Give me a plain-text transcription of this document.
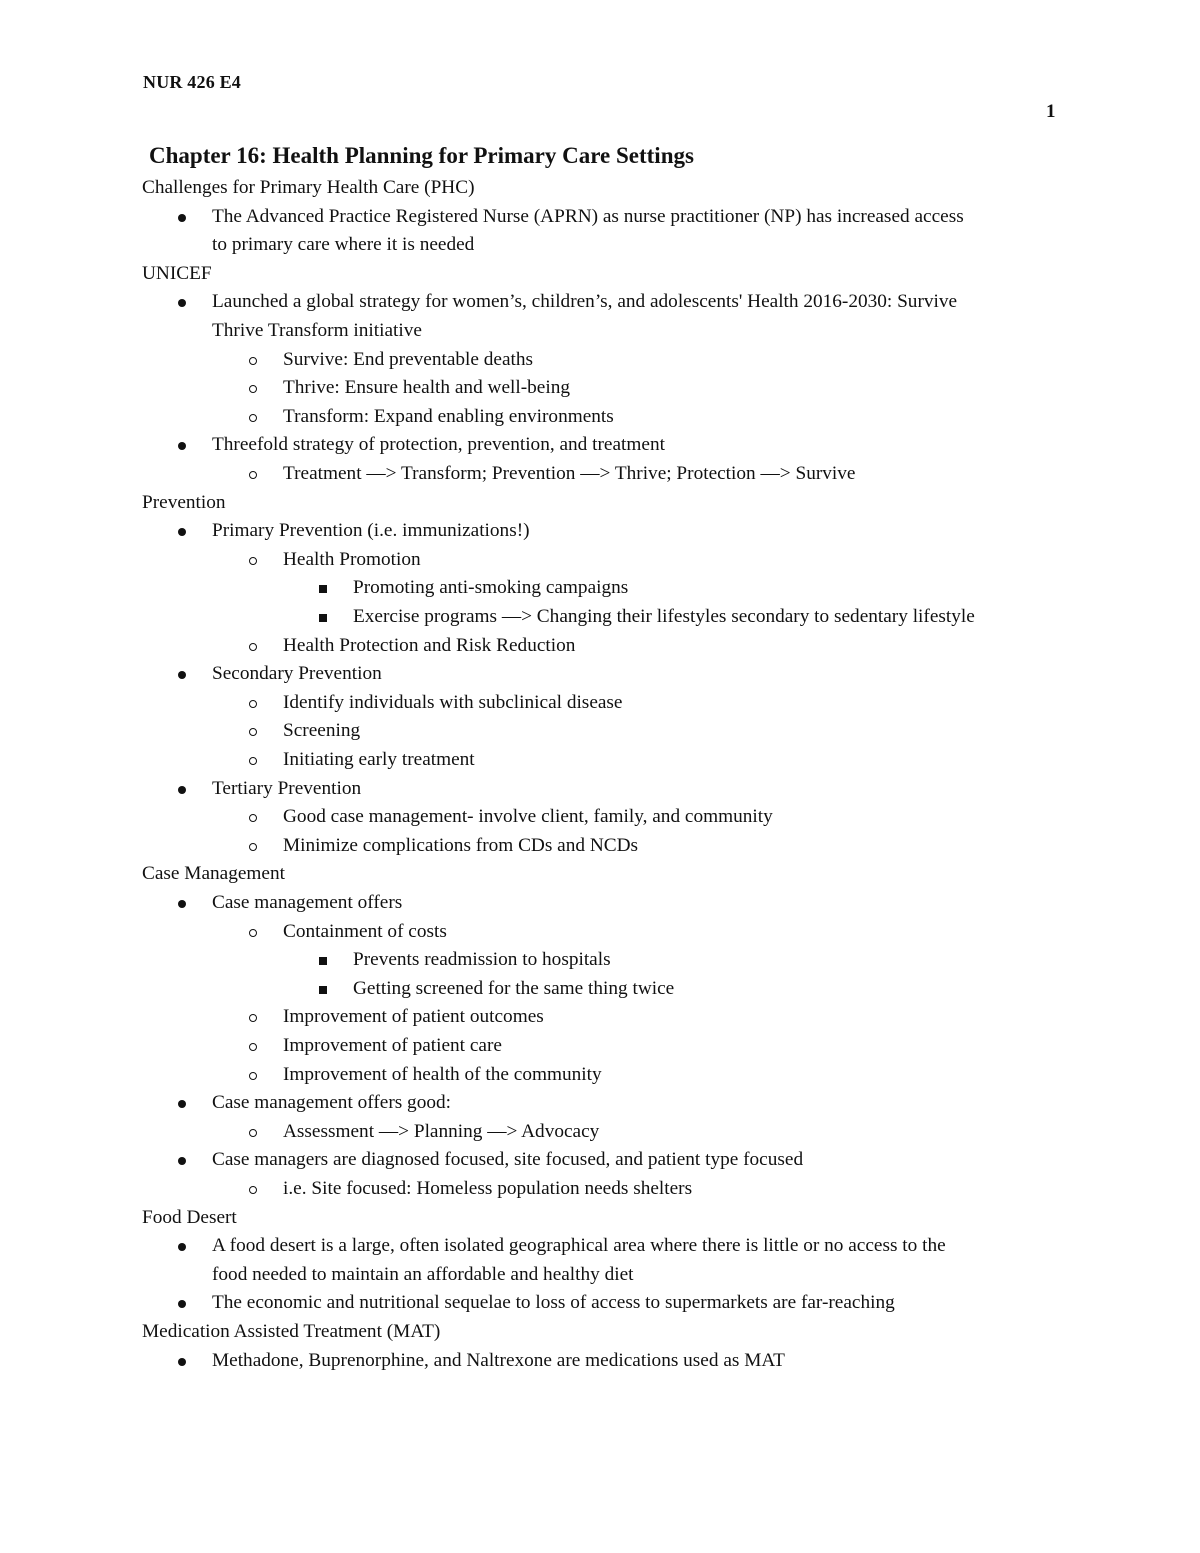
NUR 426 E4
1
Chapter 16: Health Planning for Primary Care Settings
Challenges for Primary Health Care (PHC)
The Advanced Practice Registered Nurse (APRN) as nurse practitioner (NP) has increased access
to primary care where it is needed
UNICEF
Launched a global strategy for women’s, children’s, and adolescents' Health 2016-2030: Survive
Thrive Transform initiative
Survive: End preventable deaths
Thrive: Ensure health and well-being
Transform: Expand enabling environments
Threefold strategy of protection, prevention, and treatment
Treatment —> Transform; Prevention —> Thrive; Protection —> Survive
Prevention
Primary Prevention (i.e. immunizations!)
Health Promotion
Promoting anti-smoking campaigns
Exercise programs —> Changing their lifestyles secondary to sedentary lifestyle
Health Protection and Risk Reduction
Secondary Prevention
Identify individuals with subclinical disease
Screening
Initiating early treatment
Tertiary Prevention
Good case management- involve client, family, and community
Minimize complications from CDs and NCDs
Case Management
Case management offers
Containment of costs
Prevents readmission to hospitals
Getting screened for the same thing twice
Improvement of patient outcomes
Improvement of patient care
Improvement of health of the community
Case management offers good:
Assessment —> Planning —> Advocacy
Case managers are diagnosed focused, site focused, and patient type focused
i.e. Site focused: Homeless population needs shelters
Food Desert
A food desert is a large, often isolated geographical area where there is little or no access to the
food needed to maintain an affordable and healthy diet
The economic and nutritional sequelae to loss of access to supermarkets are far-reaching
Medication Assisted Treatment (MAT)
Methadone, Buprenorphine, and Naltrexone are medications used as MAT
